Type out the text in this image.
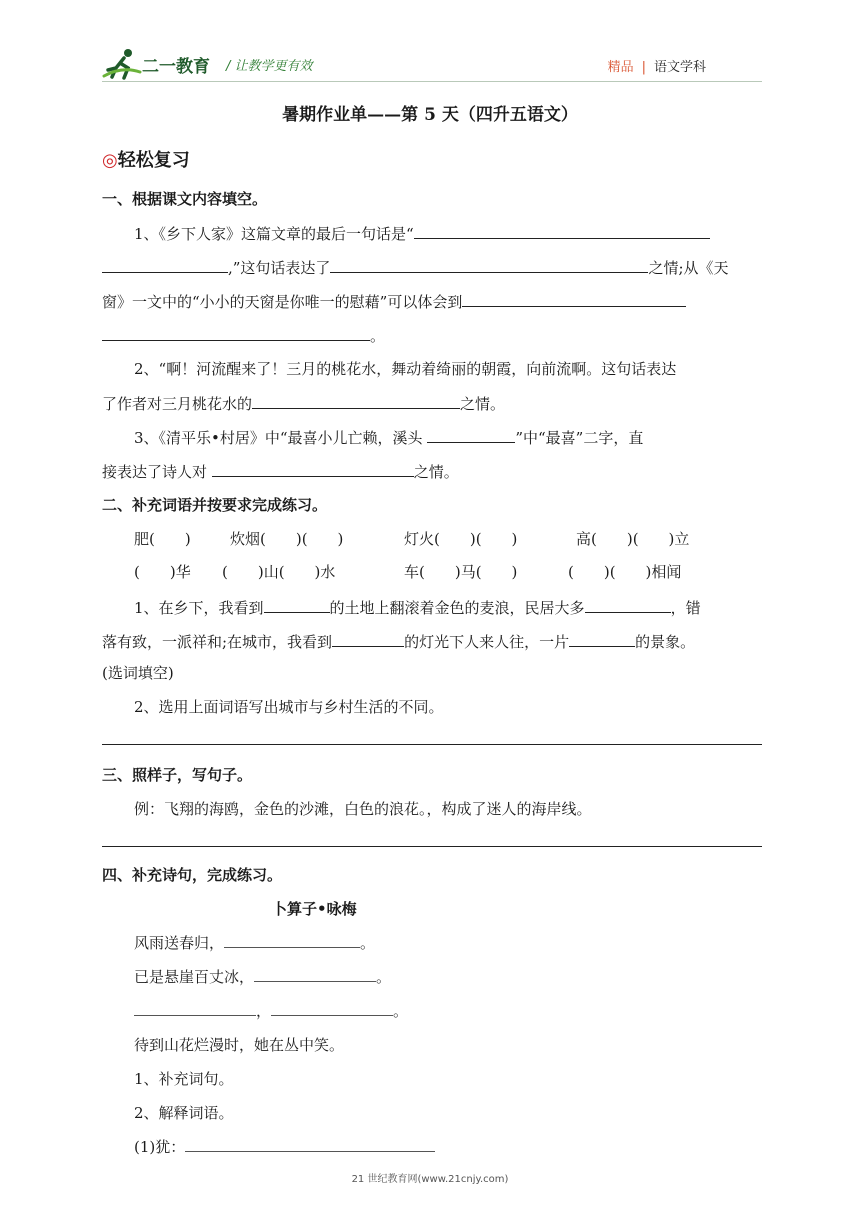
二一教育 / 让教学更有效	精品 | 语文学科
暑期作业单——第 5 天（四升五语文）
◎轻松复习
一、根据课文内容填空。
1、《乡下人家》这篇文章的最后一句话是“
,”这句话表达了	之情;从《天
窗》一文中的“小小的天窗是你唯一的慰藉”可以体会到
。
2、“啊！河流醒来了！三月的桃花水，舞动着绮丽的朝霞，向前流啊。这句话表达
了作者对三月桃花水的	之情。
3、《清平乐•村居》中“最喜小儿亡赖，溪头	”中“最喜”二字，直
接表达了诗人对	之情。
二、补充词语并按要求完成练习。
肥(　　)	炊烟(　　)(　　)	灯火(　　)(　　)	高(　　)(　　)立
(　　)华 (　　)山(　　)水	车(　　)马(　　)	(　　)(　　)相闻
1、在乡下，我看到	的土地上翻滚着金色的麦浪，民居大多	，错
落有致，一派祥和;在城市，我看到	的灯光下人来人往，一片	的景象。
(选词填空)
2、选用上面词语写出城市与乡村生活的不同。
三、照样子，写句子。
例：飞翔的海鸥，金色的沙滩，白色的浪花。，构成了迷人的海岸线。
四、补充诗句，完成练习。
卜算子•咏梅
风雨送春归，	。
已是悬崖百丈冰，	。
，	。
待到山花烂漫时，她在丛中笑。
1、补充词句。
2、解释词语。
(1)犹：
21 世纪教育网(www.21cnjy.com)
